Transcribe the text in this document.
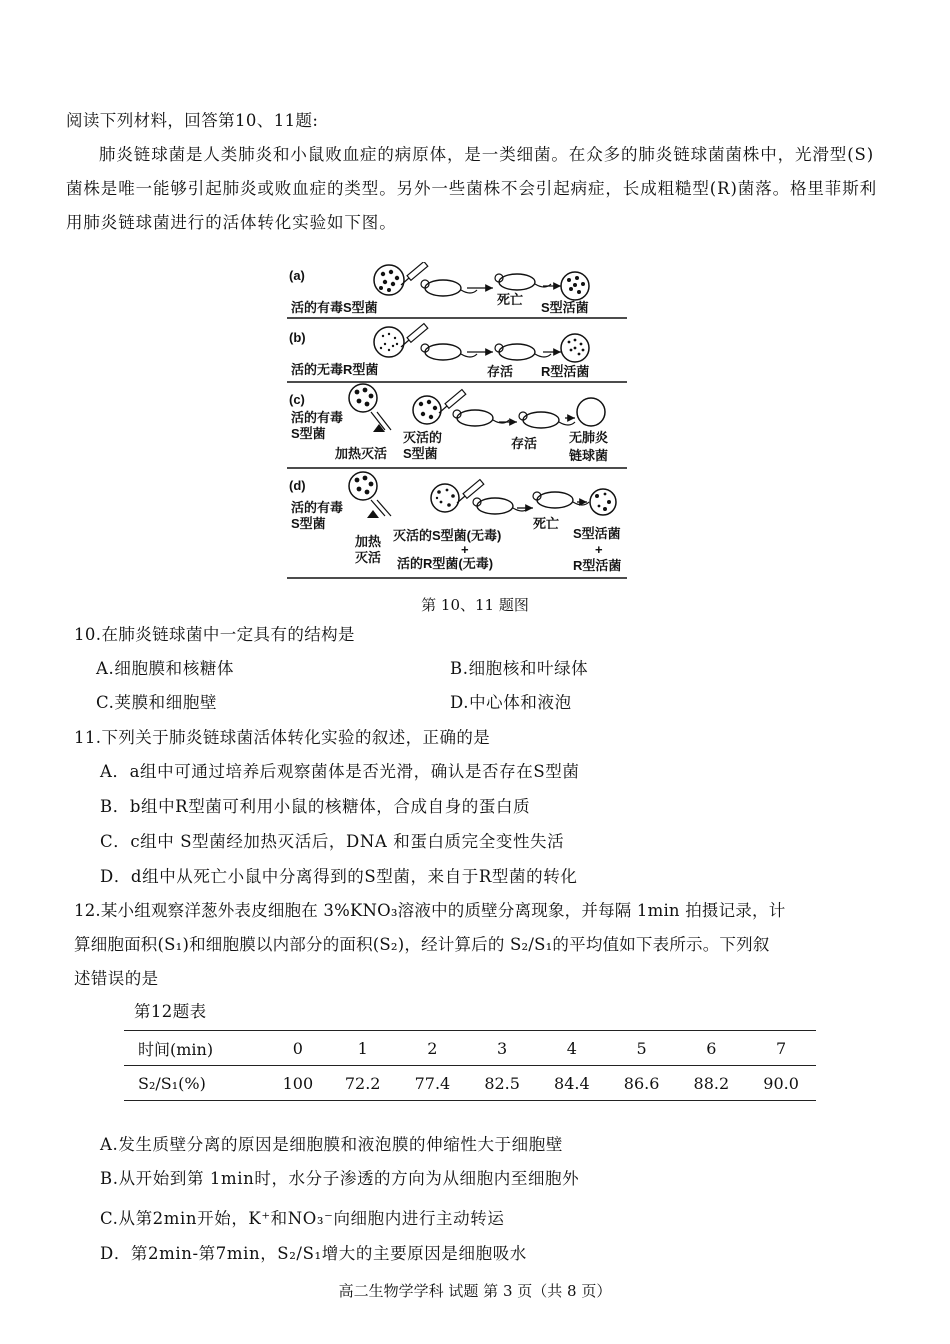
阅读下列材料，回答第10、11题:
肺炎链球菌是人类肺炎和小鼠败血症的病原体，是一类细菌。在众多的肺炎链球菌菌株中，光滑型(S)菌株是唯一能够引起肺炎或败血症的类型。另外一些菌株不会引起病症，长成粗糙型(R)菌落。格里菲斯利用肺炎链球菌进行的活体转化实验如下图。
(a)
活的有毒S型菌
死亡
S型活菌
(b)
活的无毒R型菌	存活 R型活菌
(c)
活的有毒
S型菌
加热灭活
灭活的
S型菌
存活 无肺炎
链球菌
(d)
活的有毒
S型菌
加热
灭活
灭活的S型菌(无毒)
+
活的R型菌(无毒)
死亡
S型活菌
+
R型活菌
第 10、11 题图
10.在肺炎链球菌中一定具有的结构是
A.细胞膜和核糖体	B.细胞核和叶绿体
C.荚膜和细胞壁	D.中心体和液泡
11.下列关于肺炎链球菌活体转化实验的叙述，正确的是
A．a组中可通过培养后观察菌体是否光滑，确认是否存在S型菌
B．b组中R型菌可利用小鼠的核糖体，合成自身的蛋白质
C．c组中 S型菌经加热灭活后，DNA 和蛋白质完全变性失活
D．d组中从死亡小鼠中分离得到的S型菌，来自于R型菌的转化
12.某小组观察洋葱外表皮细胞在 3%KNO₃溶液中的质壁分离现象，并每隔 1min 拍摄记录，计
算细胞面积(S₁)和细胞膜以内部分的面积(S₂)，经计算后的 S₂/S₁的平均值如下表所示。下列叙
述错误的是
第12题表
时间(min)	0	1	2	3	4	5	6	7
S₂/S₁(%)	100	72.2	77.4	82.5	84.4	86.6	88.2	90.0
A.发生质壁分离的原因是细胞膜和液泡膜的伸缩性大于细胞壁
B.从开始到第 1min时，水分子渗透的方向为从细胞内至细胞外
C.从第2min开始，K⁺和NO₃⁻向细胞内进行主动转运
D．第2min-第7min，S₂/S₁增大的主要原因是细胞吸水
高二生物学学科 试题 第 3 页（共 8 页）
